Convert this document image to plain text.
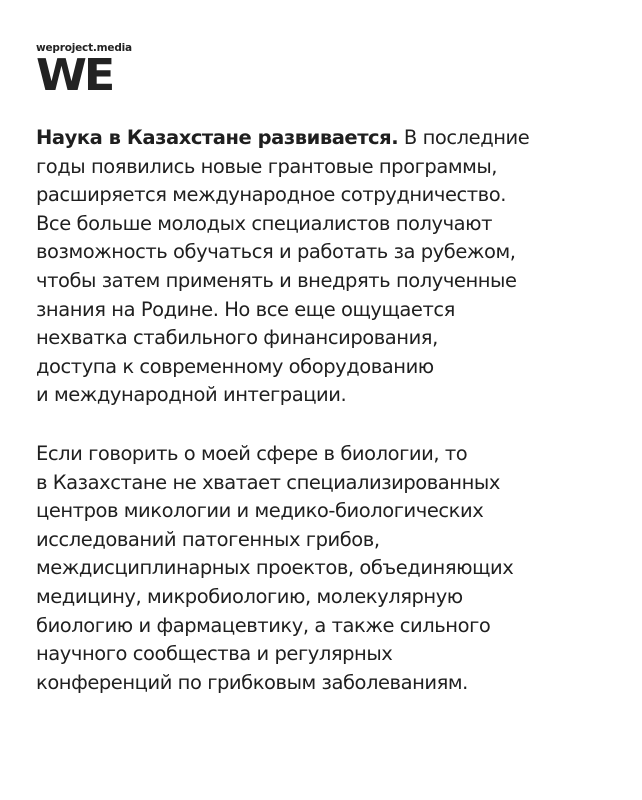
weproject.media
WE

Наука в Казахстане развивается. В последние
годы появились новые грантовые программы,
расширяется международное сотрудничество.
Все больше молодых специалистов получают
возможность обучаться и работать за рубежом,
чтобы затем применять и внедрять полученные
знания на Родине. Но все еще ощущается
нехватка стабильного финансирования,
доступа к современному оборудованию
и международной интеграции.

Если говорить о моей сфере в биологии, то
в Казахстане не хватает специализированных
центров микологии и медико-биологических
исследований патогенных грибов,
междисциплинарных проектов, объединяющих
медицину, микробиологию, молекулярную
биологию и фармацевтику, а также сильного
научного сообщества и регулярных
конференций по грибковым заболеваниям.
